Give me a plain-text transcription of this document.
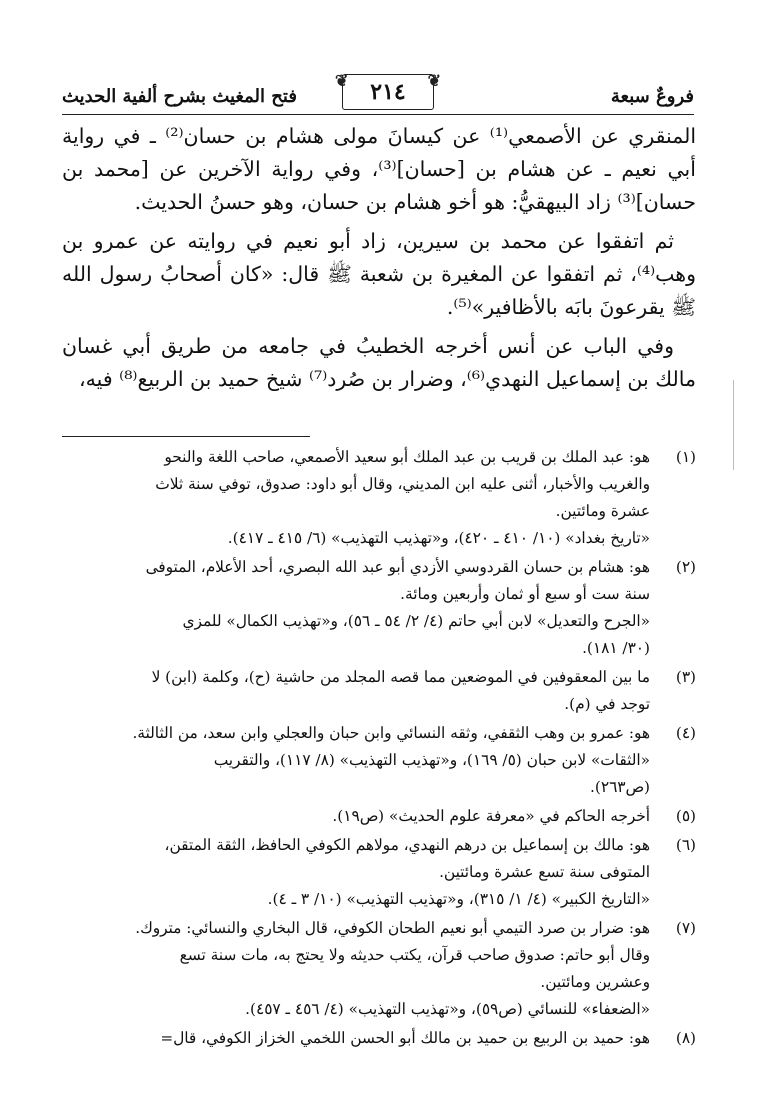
فروعٌ سبعة
❦
٢١٤
❦
فتح المغيث بشرح ألفية الحديث

المنقري عن الأصمعي⁽¹⁾ عن كيسانَ مولى هشام بن حسان⁽²⁾ ـ في رواية أبي نعيم ـ عن هشام بن [حسان]⁽³⁾، وفي رواية الآخرين عن [محمد بن حسان]⁽³⁾ زاد البيهقيُّ: هو أخو هشام بن حسان، وهو حسنُ الحديث.

ثم اتفقوا عن محمد بن سيرين، زاد أبو نعيم في روايته عن عمرو بن وهب⁽⁴⁾، ثم اتفقوا عن المغيرة بن شعبة ﷺ قال: «كان أصحابُ رسول الله ﷺ يقرعونَ بابَه بالأظافير»⁽⁵⁾.

وفي الباب عن أنس أخرجه الخطيبُ في جامعه من طريق أبي غسان مالك بن إسماعيل النهدي⁽⁶⁾، وضرار بن صُرد⁽⁷⁾ شيخ حميد بن الربيع⁽⁸⁾ فيه،

(١)
هو: عبد الملك بن قريب بن عبد الملك أبو سعيد الأصمعي، صاحب اللغة والنحو
والغريب والأخبار، أثنى عليه ابن المديني، وقال أبو داود: صدوق، توفي سنة ثلاث
عشرة ومائتين.
«تاريخ بغداد» (١٠/ ٤١٠ ـ ٤٢٠)، و«تهذيب التهذيب» (٦/ ٤١٥ ـ ٤١٧).
(٢)
هو: هشام بن حسان القردوسي الأزدي أبو عبد الله البصري، أحد الأعلام، المتوفى
سنة ست أو سبع أو ثمان وأربعين ومائة.
«الجرح والتعديل» لابن أبي حاتم (٤/ ٢/ ٥٤ ـ ٥٦)، و«تهذيب الكمال» للمزي
(٣٠/ ١٨١).
(٣)
ما بين المعقوفين في الموضعين مما قصه المجلد من حاشية (ح)، وكلمة (ابن) لا
توجد في (م).
(٤)
هو: عمرو بن وهب الثقفي، وثقه النسائي وابن حبان والعجلي وابن سعد، من الثالثة.
«الثقات» لابن حبان (٥/ ١٦٩)، و«تهذيب التهذيب» (٨/ ١١٧)، والتقريب
(ص٢٦٣).
(٥)
أخرجه الحاكم في «معرفة علوم الحديث» (ص١٩).
(٦)
هو: مالك بن إسماعيل بن درهم النهدي، مولاهم الكوفي الحافظ، الثقة المتقن،
المتوفى سنة تسع عشرة ومائتين.
«التاريخ الكبير» (٤/ ١/ ٣١٥)، و«تهذيب التهذيب» (١٠/ ٣ ـ ٤).
(٧)
هو: ضرار بن صرد التيمي أبو نعيم الطحان الكوفي، قال البخاري والنسائي: متروك.
وقال أبو حاتم: صدوق صاحب قرآن، يكتب حديثه ولا يحتج به، مات سنة تسع
وعشرين ومائتين.
«الضعفاء» للنسائي (ص٥٩)، و«تهذيب التهذيب» (٤/ ٤٥٦ ـ ٤٥٧).
(٨)
هو: حميد بن الربيع بن حميد بن مالك أبو الحسن اللخمي الخزاز الكوفي، قال=
